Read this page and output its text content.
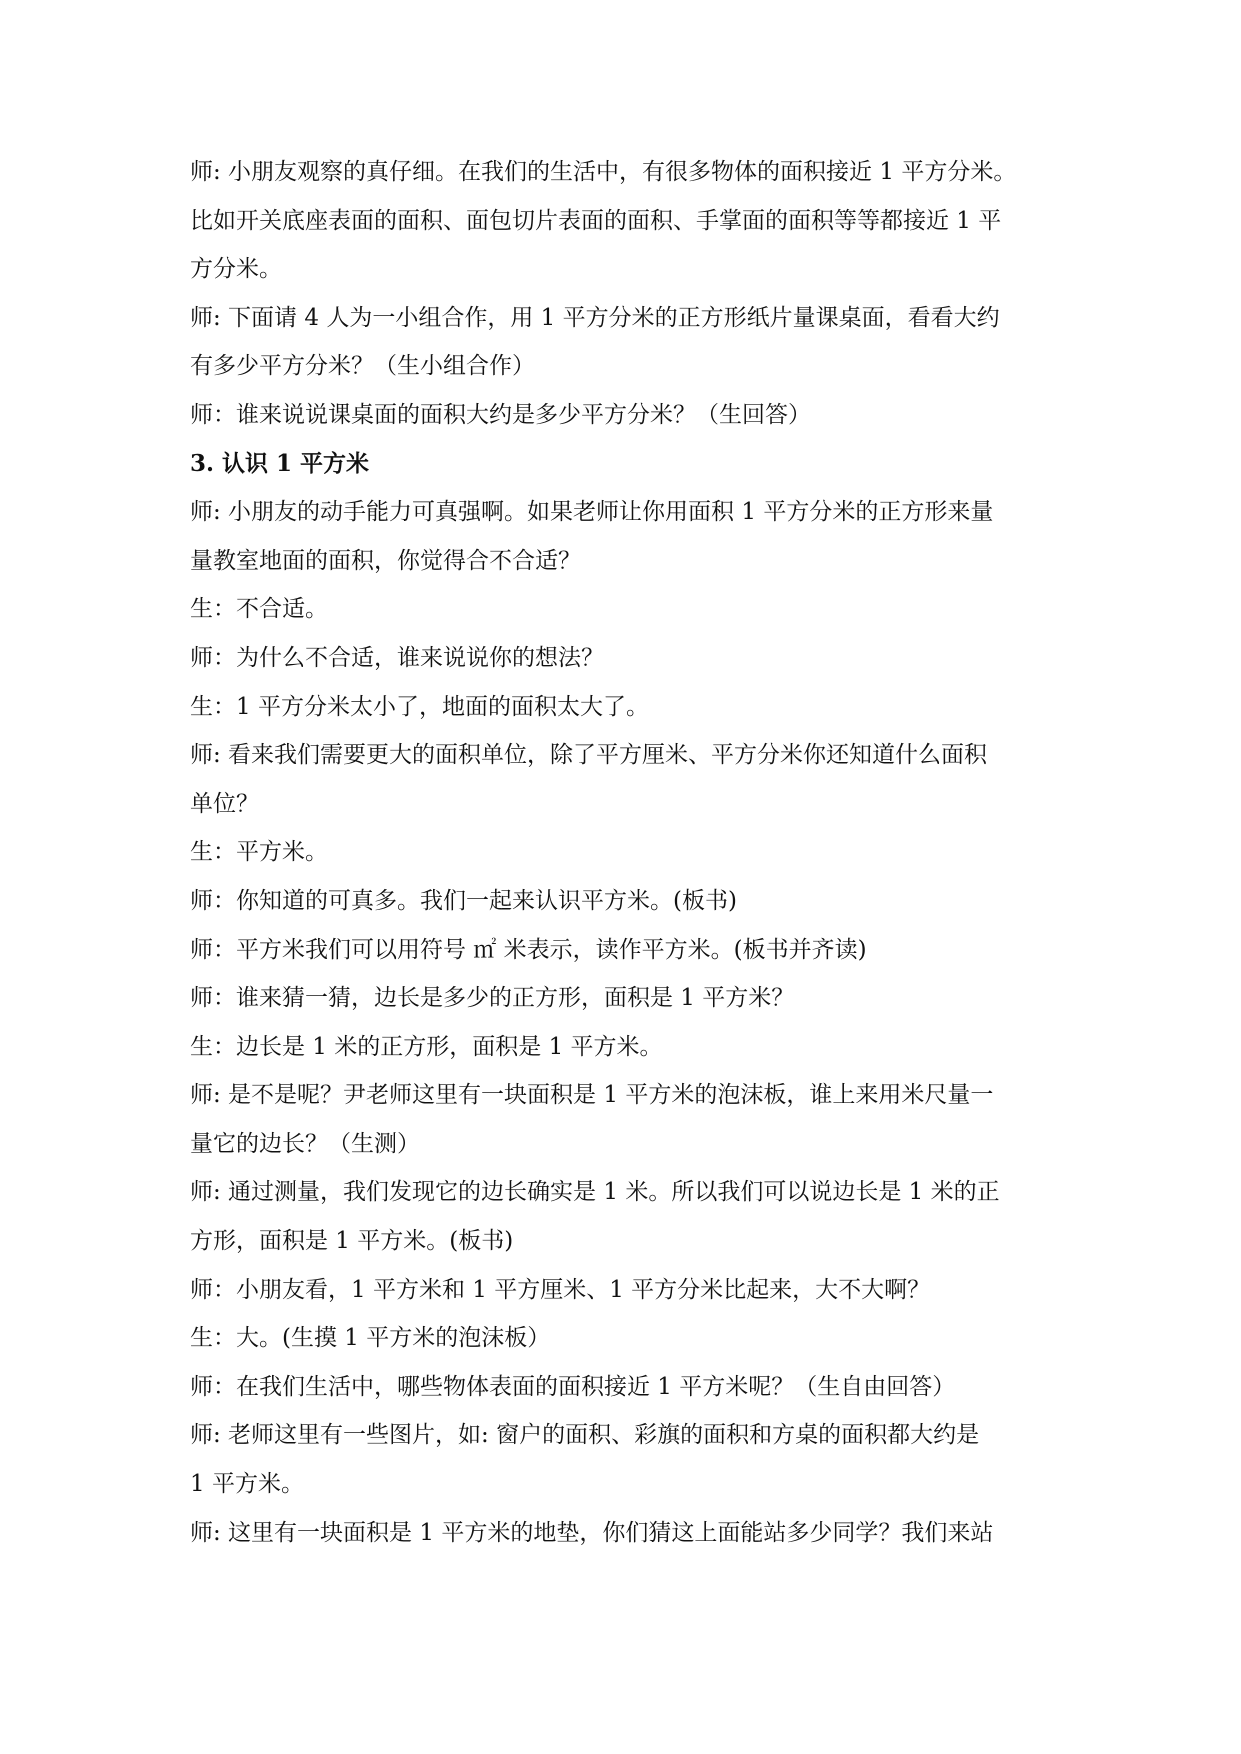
师: 小朋友观察的真仔细。在我们的生活中，有很多物体的面积接近 1 平方分米。
比如开关底座表面的面积、面包切片表面的面积、手掌面的面积等等都接近 1 平
方分米。
师: 下面请 4 人为一小组合作，用 1 平方分米的正方形纸片量课桌面，看看大约
有多少平方分米？（生小组合作）
师：谁来说说课桌面的面积大约是多少平方分米？（生回答）
3. 认识 1 平方米
师: 小朋友的动手能力可真强啊。如果老师让你用面积 1 平方分米的正方形来量
量教室地面的面积，你觉得合不合适？
生：不合适。
师：为什么不合适，谁来说说你的想法？
生：1 平方分米太小了，地面的面积太大了。
师: 看来我们需要更大的面积单位，除了平方厘米、平方分米你还知道什么面积
单位？
生：平方米。
师：你知道的可真多。我们一起来认识平方米。(板书)
师：平方米我们可以用符号 ㎡ 米表示，读作平方米。(板书并齐读)
师：谁来猜一猜，边长是多少的正方形，面积是 1 平方米？
生：边长是 1 米的正方形，面积是 1 平方米。
师: 是不是呢？尹老师这里有一块面积是 1 平方米的泡沫板，谁上来用米尺量一
量它的边长？（生测）
师: 通过测量，我们发现它的边长确实是 1 米。所以我们可以说边长是 1 米的正
方形，面积是 1 平方米。(板书)
师：小朋友看，1 平方米和 1 平方厘米、1 平方分米比起来，大不大啊？
生：大。(生摸 1 平方米的泡沫板）
师：在我们生活中，哪些物体表面的面积接近 1 平方米呢？（生自由回答）
师: 老师这里有一些图片，如: 窗户的面积、彩旗的面积和方桌的面积都大约是
1 平方米。
师: 这里有一块面积是 1 平方米的地垫，你们猜这上面能站多少同学？我们来站
